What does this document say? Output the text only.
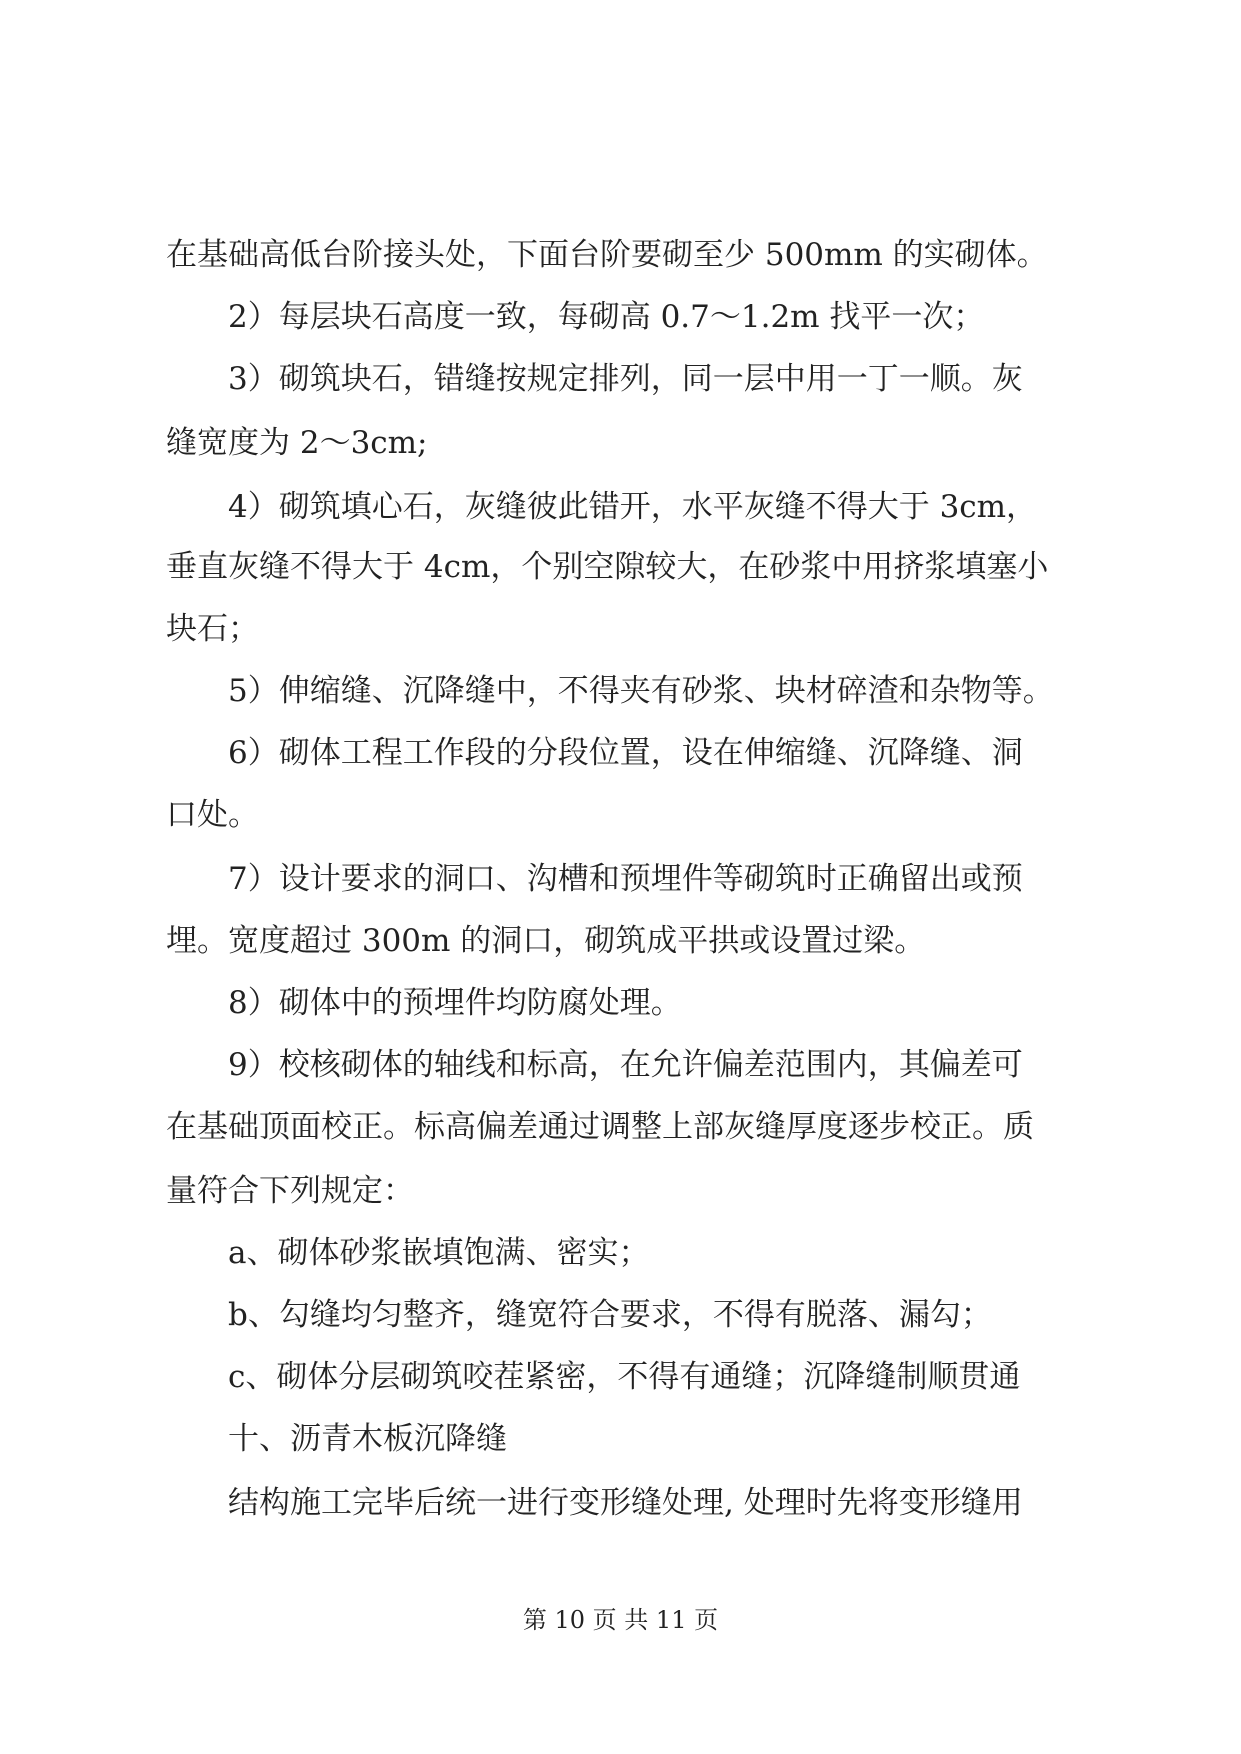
在基础高低台阶接头处，下面台阶要砌至少 500mm 的实砌体。
2）每层块石高度一致，每砌高 0.7～1.2m 找平一次；
3）砌筑块石，错缝按规定排列，同一层中用一丁一顺。灰
缝宽度为 2～3cm;
4）砌筑填心石，灰缝彼此错开，水平灰缝不得大于 3cm，
垂直灰缝不得大于 4cm，个别空隙较大，在砂浆中用挤浆填塞小
块石；
5）伸缩缝、沉降缝中，不得夹有砂浆、块材碎渣和杂物等。
6）砌体工程工作段的分段位置，设在伸缩缝、沉降缝、洞
口处。
7）设计要求的洞口、沟槽和预埋件等砌筑时正确留出或预
埋。宽度超过 300m 的洞口，砌筑成平拱或设置过梁。
8）砌体中的预埋件均防腐处理。
9）校核砌体的轴线和标高，在允许偏差范围内，其偏差可
在基础顶面校正。标高偏差通过调整上部灰缝厚度逐步校正。质
量符合下列规定：
a、砌体砂浆嵌填饱满、密实；
b、勾缝均匀整齐，缝宽符合要求，不得有脱落、漏勾；
c、砌体分层砌筑咬茬紧密，不得有通缝；沉降缝制顺贯通
十、沥青木板沉降缝
结构施工完毕后统一进行变形缝处理, 处理时先将变形缝用
第 10 页 共 11 页
